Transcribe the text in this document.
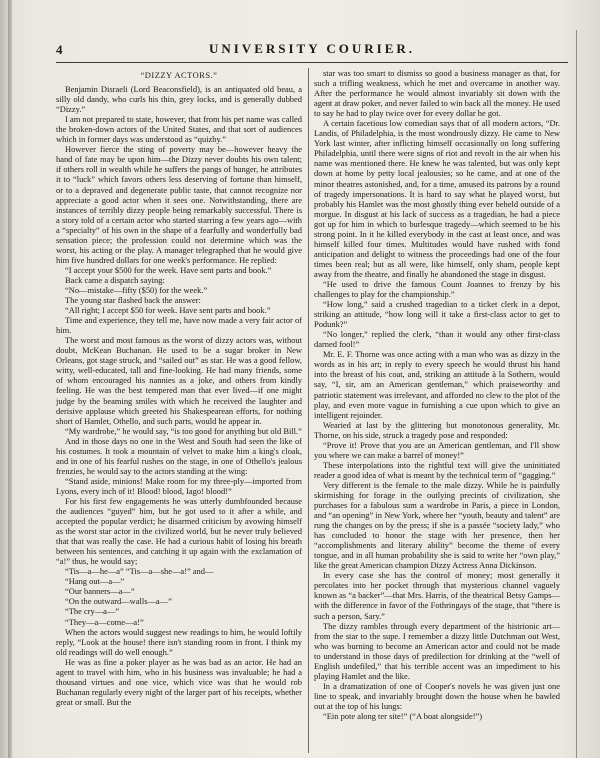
4	UNIVERSITY COURIER.

“DIZZY ACTORS.”

Benjamin Disraeli (Lord Beaconsfield), is an antiquated old beau, a silly old dandy, who curls his thin, grey locks, and is generally dubbed “Dizzy.”

I am not prepared to state, however, that from his pet name was called the broken-down actors of the United States, and that sort of audiences which in former days was understood as “quizby.”

However fierce the sting of poverty may be—however heavy the hand of fate may be upon him—the Dizzy never doubts his own talent; if others roll in wealth while he suffers the pangs of hunger, he attributes it to “luck” which favors others less deserving of fortune than himself, or to a depraved and degenerate public taste, that cannot recognize nor appreciate a good actor when it sees one. Notwithstanding, there are instances of terribly dizzy people being remarkably successful. There is a story told of a certain actor who started starring a few years ago—with a “specialty” of his own in the shape of a fearfully and wonderfully bad sensation piece; the profession could not determine which was the worst, his acting or the play. A manager telegraphed that he would give him five hundred dollars for one week's performance. He replied:

“I accept your $500 for the week. Have sent parts and book.”

Back came a dispatch saying:

“No—mistake—fifty ($50) for the week.”

The young star flashed back the answer:

“All right; I accept $50 for week. Have sent parts and book.”

Time and experience, they tell me, have now made a very fair actor of him.

The worst and most famous as the worst of dizzy actors was, without doubt, McKean Buchanan. He used to be a sugar broker in New Orleans, got stage struck, and “sailed out” as star. He was a good fellow, witty, well-educated, tall and fine-looking. He had many friends, some of whom encouraged his nannies as a joke, and others from kindly feeling. He was the best tempered man that ever lived—if one might judge by the beaming smiles with which he received the laughter and derisive applause which greeted his Shakespearean efforts, for nothing short of Hamlet, Othello, and such parts, would he appear in.

“My wardrobe,” he would say, “is too good for anything but old Bill.”

And in those days no one in the West and South had seen the like of his costumes. It took a mountain of velvet to make him a king's cloak, and in one of his fearful rushes on the stage, in one of Othello's jealous frenzies, he would say to the actors standing at the wing:

“Stand aside, minions! Make room for my three-ply—imported from Lyons, every inch of it! Blood! blood, Iago! blood!”

For his first few engagements he was utterly dumbfounded because the audiences “guyed” him, but he got used to it after a while, and accepted the popular verdict; he disarmed criticism by avowing himself as the worst star actor in the civilized world, but he never truly believed that that was really the case. He had a curious habit of losing his breath between his sentences, and catching it up again with the exclamation of “a!” thus, he would say;

“Tis—a—he—a” “Tis—a—she—a!” and—

“Hang out—a—”

“Our banners—a—”

“On the outward—walls—a—”

“The cry—a—”

“They—a—come—a!”

When the actors would suggest new readings to him, he would loftily reply, “Look at the house! there isn't standing room in front. I think my old readings will do well enough.”

He was as fine a poker player as he was bad as an actor. He had an agent to travel with him, who in his business was invaluable; he had a thousand virtues and one vice, which vice was that he would rob Buchanan regularly every night of the larger part of his receipts, whether great or small. But the

star was too smart to dismiss so good a business manager as that, for such a trifling weakness, which he met and overcame in another way. After the performance he would almost invariably sit down with the agent at draw poker, and never failed to win back all the money. He used to say he had to play twice over for every dollar he got.

A certain facetious low comedian says that of all modern actors, “Dr. Landis, of Philadelphia, is the most wondrously dizzy. He came to New York last winter, after inflicting himself occasionally on long suffering Philadelphia, until there were signs of riot and revolt in the air when his name was mentioned there. He knew he was talented, but was only kept down at home by petty local jealousies; so he came, and at one of the minor theatres astonished, and, for a time, amused its patrons by a round of tragedy impersonations. It is hard to say what he played worst, but probably his Hamlet was the most ghostly thing ever beheld outside of a morgue. In disgust at his lack of success as a tragedian, he had a piece got up for him in which to burlesque tragedy—which seemed to be his strong point. In it he killed everybody in the cast at least once, and was himself killed four times. Multitudes would have rushed with fond anticipation and delight to witness the proceedings had one of the four times been real; but as all were, like himself, only sham, people kept away from the theatre, and finally he abandoned the stage in disgust.

“He used to drive the famous Count Joannes to frenzy by his challenges to play for the championship.”

“How long,” said a crushed tragedian to a ticket clerk in a depot, striking an attitude, “how long will it take a first-class actor to get to Podunk?”

“No longer,” replied the clerk, “than it would any other first-class darned fool!”

Mr. E. F. Thorne was once acting with a man who was as dizzy in the words as in his art; in reply to every speech he would thrust his hand into the breast of his coat, and, striking an attitude à la Sothern, would say, “I, sir, am an American gentleman,” which praiseworthy and patriotic statement was irrelevant, and afforded no clew to the plot of the play, and even more vague in furnishing a cue upon which to give an intelligent rejoinder.

Wearied at last by the glittering but monotonous generality, Mr. Thorne, on his side, struck a tragedy pose and responded:

“Prove it! Prove that you are an American gentleman, and I'll show you where we can make a barrel of money!”

These interpolations into the rightful text will give the uninitiated reader a good idea of what is meant by the technical term of “gagging.”

Very different is the female to the male dizzy. While he is painfully skirmishing for forage in the outlying precints of civilization, she purchases for a fabulous sum a wardrobe in Paris, a piece in London, and “an opening” in New York, where her “youth, beauty and talent” are rung the changes on by the press; if she is a passée “society lady,” who has concluded to honor the stage with her presence, then her “accomplishments and literary ability” become the theme of every tongue, and in all human probability she is said to write her “own play,” like the great American champion Dizzy Actress Anna Dickinson.

In every case she has the control of money; most generally it percolates into her pocket through that mysterious channel vaguely known as “a backer”—that Mrs. Harris, of the theatrical Betsy Gamps—with the difference in favor of the Fothringays of the stage, that “there is such a person, Sary.”

The dizzy rambles through every department of the histrionic art—from the star to the supe. I remember a dizzy little Dutchman out West, who was burning to become an American actor and could not be made to understand in those days of predilection for drinking at the “well of English undefiled,” that his terrible accent was an impediment to his playing Hamlet and the like.

In a dramatization of one of Cooper's novels he was given just one line to speak, and invariably brought down the house when he bawled out at the top of his lungs:

“Ein pote along ter site!” (“A boat alongside!”)
